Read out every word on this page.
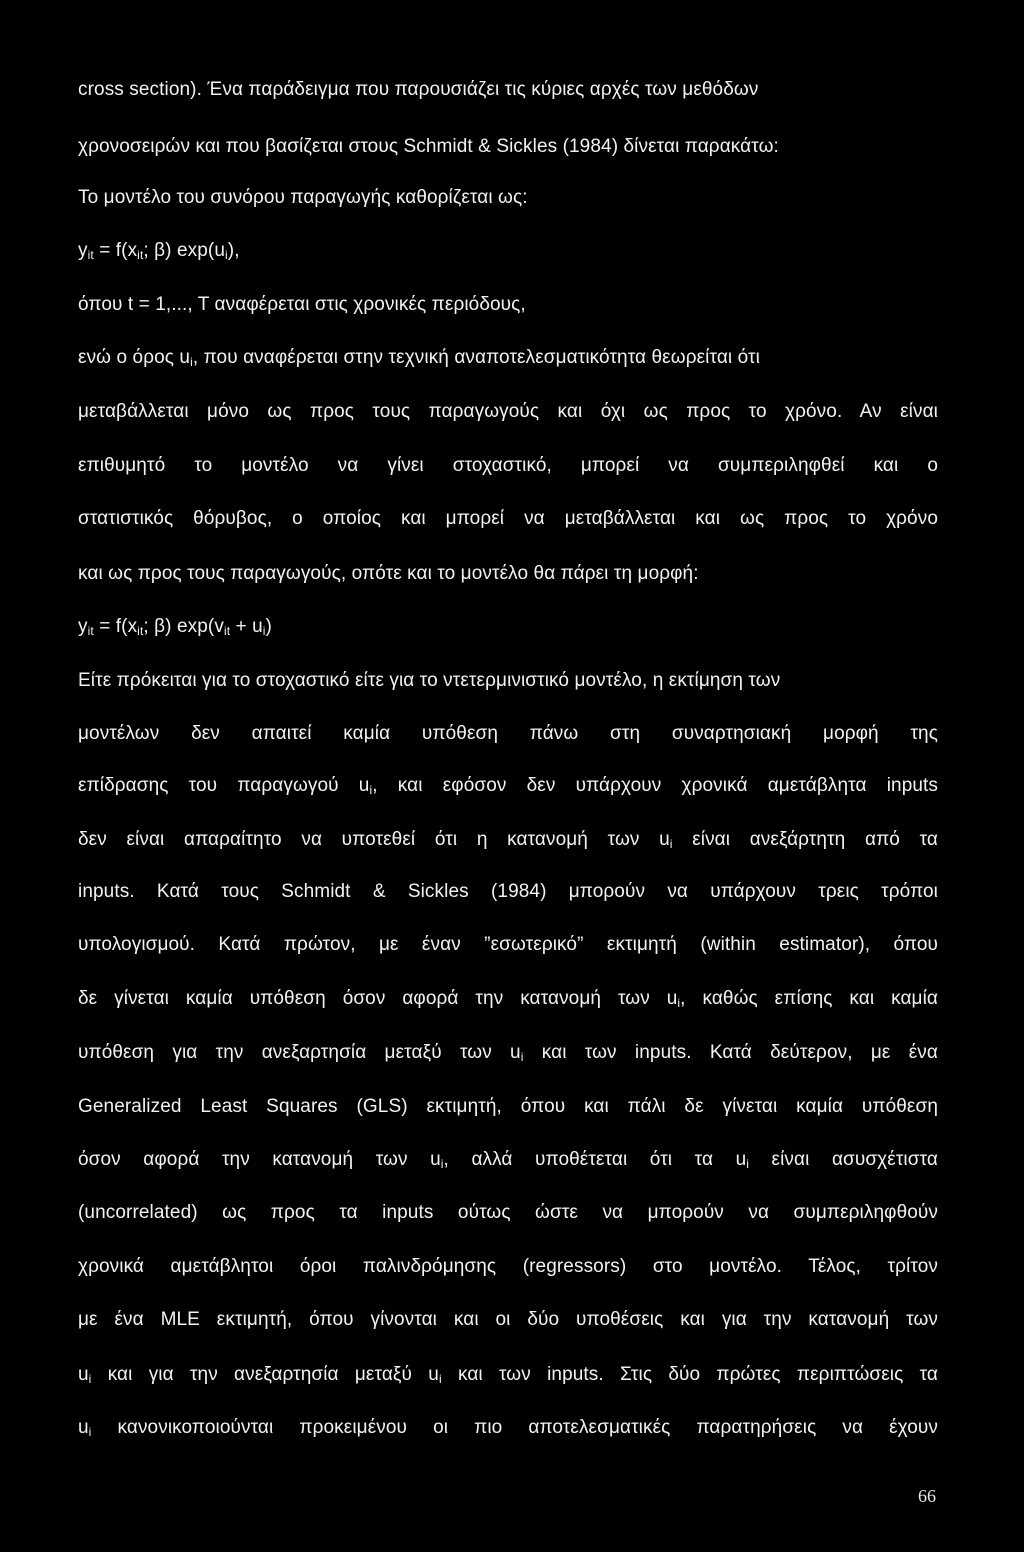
cross section). Ένα παράδειγμα που παρουσιάζει τις κύριες αρχές των μεθόδων
χρονοσειρών και που βασίζεται στους Schmidt & Sickles (1984) δίνεται παρακάτω:
Το μοντέλο του συνόρου παραγωγής καθορίζεται ως:
$y_{it} = f(x_{it}$; β) $\exp(u_i)$,
όπου t = 1,..., T αναφέρεται στις χρονικές περιόδους,
ενώ ο όρος $u_i$, που αναφέρεται στην τεχνική αναποτελεσματικότητα θεωρείται ότι
μεταβάλλεται μόνο ως προς τους παραγωγούς και όχι ως προς το χρόνο. Αν είναι
επιθυμητό το μοντέλο να γίνει στοχαστικό, μπορεί να συμπεριληφθεί και ο
στατιστικός θόρυβος, ο οποίος και μπορεί να μεταβάλλεται και ως προς το χρόνο
και ως προς τους παραγωγούς, οπότε και το μοντέλο θα πάρει τη μορφή:
$y_{it} = f(x_{it}$; β) $\exp(v_{it} + u_i)$
Είτε πρόκειται για το στοχαστικό είτε για το ντετερμινιστικό μοντέλο, η εκτίμηση των
μοντέλων δεν απαιτεί καμία υπόθεση πάνω στη συναρτησιακή μορφή της
επίδρασης του παραγωγού $u_i$, και εφόσον δεν υπάρχουν χρονικά αμετάβλητα inputs
δεν είναι απαραίτητο να υποτεθεί ότι η κατανομή των $u_i$ είναι ανεξάρτητη από τα
inputs. Κατά τους Schmidt & Sickles (1984) μπορούν να υπάρχουν τρεις τρόποι
υπολογισμού. Κατά πρώτον, με έναν ”εσωτερικό” εκτιμητή (within estimator), όπου
δε γίνεται καμία υπόθεση όσον αφορά την κατανομή των $u_i$, καθώς επίσης και καμία
υπόθεση για την ανεξαρτησία μεταξύ των $u_i$ και των inputs. Κατά δεύτερον, με ένα
Generalized Least Squares (GLS) εκτιμητή, όπου και πάλι δε γίνεται καμία υπόθεση
όσον αφορά την κατανομή των $u_i$, αλλά υποθέτεται ότι τα $u_i$ είναι ασυσχέτιστα
(uncorrelated) ως προς τα inputs ούτως ώστε να μπορούν να συμπεριληφθούν
χρονικά αμετάβλητοι όροι παλινδρόμησης (regressors) στο μοντέλο. Τέλος, τρίτον
με ένα MLE εκτιμητή, όπου γίνονται και οι δύο υποθέσεις και για την κατανομή των
$u_i$ και για την ανεξαρτησία μεταξύ $u_i$ και των inputs. Στις δύο πρώτες περιπτώσεις τα
$u_i$ κανονικοποιούνται προκειμένου οι πιο αποτελεσματικές παρατηρήσεις να έχουν
66
